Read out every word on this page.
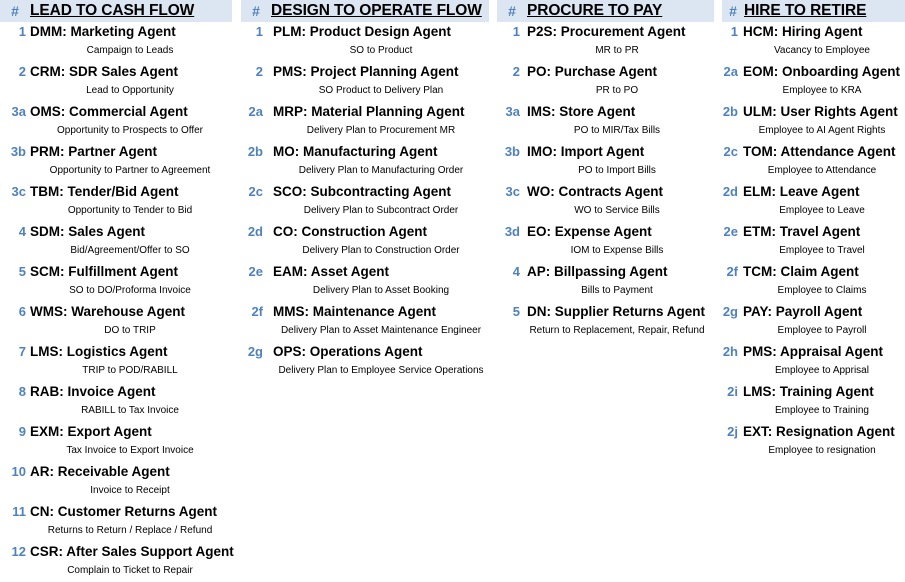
# LEAD TO CASH FLOW
1 DMM: Marketing Agent
Campaign to Leads
2 CRM: SDR Sales Agent
Lead to Opportunity
3a OMS: Commercial Agent
Opportunity to Prospects to Offer
3b PRM: Partner Agent
Opportunity to Partner to Agreement
3c TBM: Tender/Bid Agent
Opportunity to Tender to Bid
4 SDM: Sales Agent
Bid/Agreement/Offer to SO
5 SCM: Fulfillment Agent
SO to DO/Proforma Invoice
6 WMS: Warehouse Agent
DO to TRIP
7 LMS: Logistics Agent
TRIP to POD/RABILL
8 RAB: Invoice Agent
RABILL to Tax Invoice
9 EXM: Export Agent
Tax Invoice to Export Invoice
10 AR: Receivable Agent
Invoice to Receipt
11 CN: Customer Returns Agent
Returns to Return / Replace / Refund
12 CSR: After Sales Support Agent
Complain to Ticket to Repair
# DESIGN TO OPERATE FLOW
1 PLM: Product Design Agent
SO to Product
2 PMS: Project Planning Agent
SO Product to Delivery Plan
2a MRP: Material Planning Agent
Delivery Plan to Procurement MR
2b MO: Manufacturing Agent
Delivery Plan to Manufacturing Order
2c SCO: Subcontracting Agent
Delivery Plan to Subcontract Order
2d CO: Construction Agent
Delivery Plan to Construction Order
2e EAM: Asset Agent
Delivery Plan to Asset Booking
2f MMS: Maintenance Agent
Delivery Plan to Asset Maintenance Engineer
2g OPS: Operations Agent
Delivery Plan to Employee Service Operations
# PROCURE TO PAY
1 P2S: Procurement Agent
MR to PR
2 PO: Purchase Agent
PR to PO
3a IMS: Store Agent
PO to MIR/Tax Bills
3b IMO: Import Agent
PO to Import Bills
3c WO: Contracts Agent
WO to Service Bills
3d EO: Expense Agent
IOM to Expense Bills
4 AP: Billpassing Agent
Bills to Payment
5 DN: Supplier Returns Agent
Return to Replacement, Repair, Refund
# HIRE TO RETIRE
1 HCM: Hiring Agent
Vacancy to Employee
2a EOM: Onboarding Agent
Employee to KRA
2b ULM: User Rights Agent
Employee to AI Agent Rights
2c TOM: Attendance Agent
Employee to Attendance
2d ELM: Leave Agent
Employee to Leave
2e ETM: Travel Agent
Employee to Travel
2f TCM: Claim Agent
Employee to Claims
2g PAY: Payroll Agent
Employee to Payroll
2h PMS: Appraisal Agent
Employee to Apprisal
2i LMS: Training Agent
Employee to Training
2j EXT: Resignation Agent
Employee to resignation
